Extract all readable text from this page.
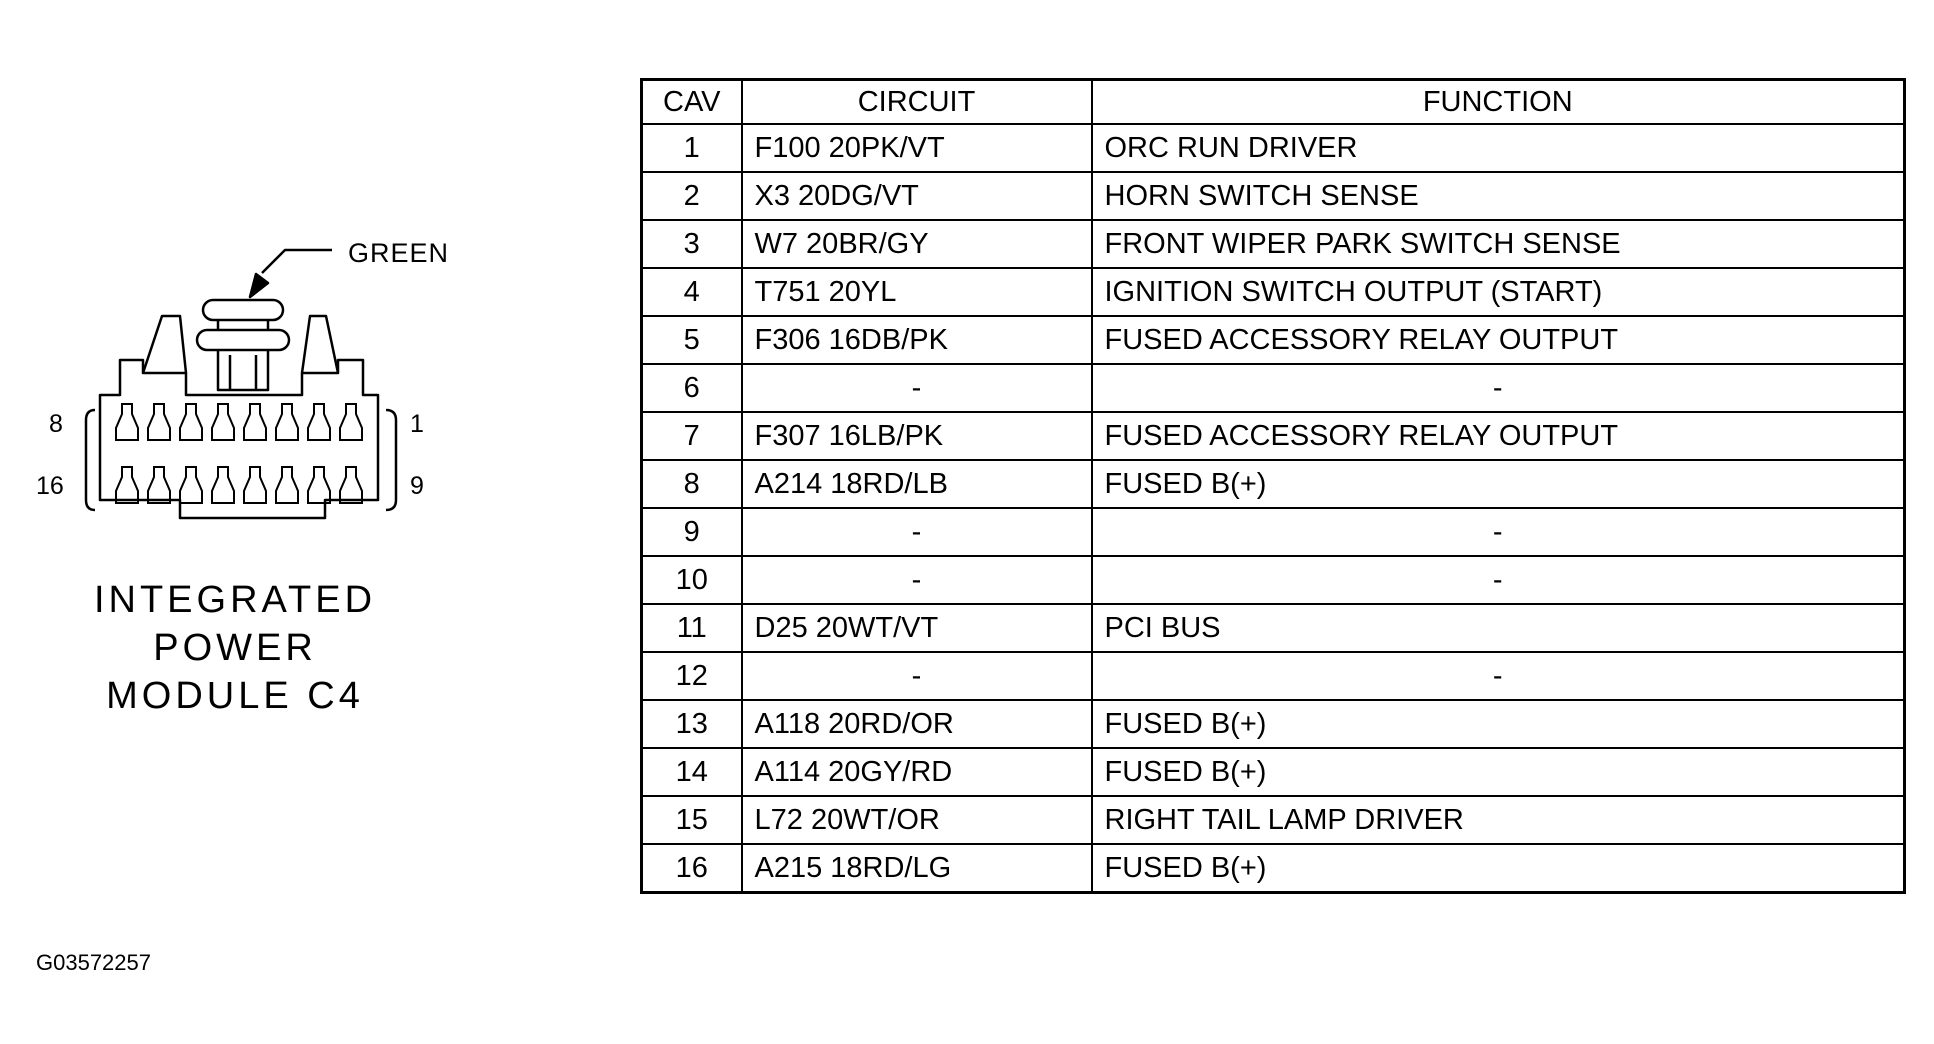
GREEN
8	1
16	9
INTEGRATED
POWER
MODULE C4
CAV	CIRCUIT	FUNCTION
1	F100 20PK/VT	ORC RUN DRIVER
2	X3 20DG/VT	HORN SWITCH SENSE
3	W7 20BR/GY	FRONT WIPER PARK SWITCH SENSE
4	T751 20YL	IGNITION SWITCH OUTPUT (START)
5	F306 16DB/PK	FUSED ACCESSORY RELAY OUTPUT
6	-	-
7	F307 16LB/PK	FUSED ACCESSORY RELAY OUTPUT
8	A214 18RD/LB	FUSED B(+)
9	-	-
10	-	-
11	D25 20WT/VT	PCI BUS
12	-	-
13	A118 20RD/OR	FUSED B(+)
14	A114 20GY/RD	FUSED B(+)
15	L72 20WT/OR	RIGHT TAIL LAMP DRIVER
16	A215 18RD/LG	FUSED B(+)
G03572257
